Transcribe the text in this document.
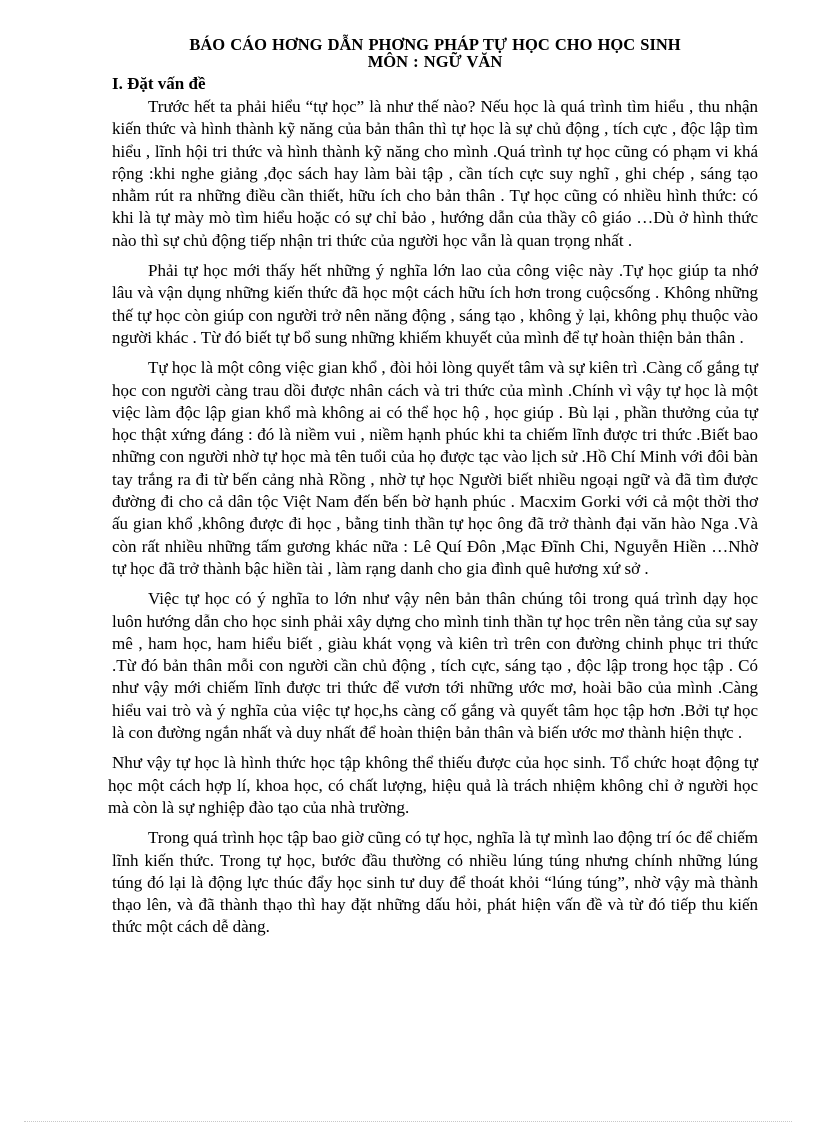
BÁO CÁO HƠNG DẪN PHƠNG PHÁP TỰ HỌC CHO HỌC SINH

MÔN : NGỮ VĂN

I. Đặt vấn đề

Trước hết ta phải hiểu “tự học” là như thế nào? Nếu học là quá trình tìm hiểu , thu nhận kiến thức và hình thành kỹ năng của bản thân thì tự học là sự chủ động , tích cực , độc lập tìm hiểu , lĩnh hội tri thức và hình thành kỹ năng cho mình .Quá trình tự học cũng có phạm vi khá rộng :khi nghe giảng ,đọc sách hay làm bài tập , cần tích cực suy nghĩ , ghi chép , sáng tạo nhằm rút ra những điều cần thiết, hữu ích cho bản thân . Tự học cũng có nhiều hình thức: có khi là tự mày mò tìm hiểu hoặc có sự chỉ bảo , hướng dẫn của thầy cô giáo …Dù ở hình thức nào thì sự chủ động tiếp nhận tri thức của người học vẫn là quan trọng nhất .

Phải tự học mới thấy hết những ý nghĩa lớn lao của công việc này .Tự học giúp ta nhớ lâu và vận dụng những kiến thức đã học một cách hữu ích hơn trong cuộcsống . Không những thế tự học còn giúp con người trở nên năng động , sáng tạo , không ỷ lại, không phụ thuộc vào người khác . Từ đó biết tự bổ sung những khiếm khuyết của mình để tự hoàn thiện bản thân .

Tự học là một công việc gian khổ , đòi hỏi lòng quyết tâm và sự kiên trì .Càng cố gắng tự học con người càng trau dồi được nhân cách và tri thức của mình .Chính vì vậy tự học là một việc làm độc lập gian khổ mà không ai có thể học hộ , học giúp . Bù lại , phần thưởng của tự học thật xứng đáng : đó là niềm vui , niềm hạnh phúc khi ta chiếm lĩnh được tri thức .Biết bao những con người nhờ tự học mà tên tuổi của họ được tạc vào lịch sử .Hồ Chí Minh với đôi bàn tay trắng ra đi từ bến cảng nhà Rồng , nhờ tự học Người biết nhiều ngoại ngữ và đã tìm được đường đi cho cả dân tộc Việt Nam đến bến bờ hạnh phúc . Macxim Gorki với cả một thời thơ ấu gian khổ ,không được đi học , bằng tinh thần tự học ông đã trở thành đại văn hào Nga .Và còn rất nhiều những tấm gương khác nữa : Lê Quí Đôn ,Mạc Đĩnh Chi, Nguyễn Hiền …Nhờ tự học đã trở thành bậc hiền tài , làm rạng danh cho gia đình quê hương xứ sở .

Việc tự học có ý nghĩa to lớn như vậy nên bản thân chúng tôi trong quá trình dạy học luôn hướng dẫn cho học sinh phải xây dựng cho mình tinh thần tự học trên nền tảng của sự say mê , ham học, ham hiểu biết , giàu khát vọng và kiên trì trên con đường chinh phục tri thức .Từ đó bản thân mỗi con người cần chủ động , tích cực, sáng tạo , độc lập trong học tập . Có như vậy mới chiếm lĩnh được tri thức để vươn tới những ước mơ, hoài bão của mình .Càng hiểu vai trò và ý nghĩa của việc tự học,hs càng cố gắng và quyết tâm học tập hơn .Bởi tự học là con đường ngắn nhất và duy nhất để hoàn thiện bản thân và biến ước mơ thành hiện thực .

Như vậy tự học là hình thức học tập không thể thiếu được của học sinh. Tổ chức hoạt động tự học một cách hợp lí, khoa học, có chất lượng, hiệu quả là trách nhiệm không chỉ ở người học mà còn là sự nghiệp đào tạo của nhà trường.

Trong quá trình học tập bao giờ cũng có tự học, nghĩa là tự mình lao động trí óc để chiếm lĩnh kiến thức. Trong tự học, bước đầu thường có nhiều lúng túng nhưng chính những lúng túng đó lại là động lực thúc đẩy học sinh tư duy để thoát khỏi “lúng túng”, nhờ vậy mà thành thạo lên, và đã thành thạo thì hay đặt những dấu hỏi, phát hiện vấn đề và từ đó tiếp thu kiến thức một cách dễ dàng.
